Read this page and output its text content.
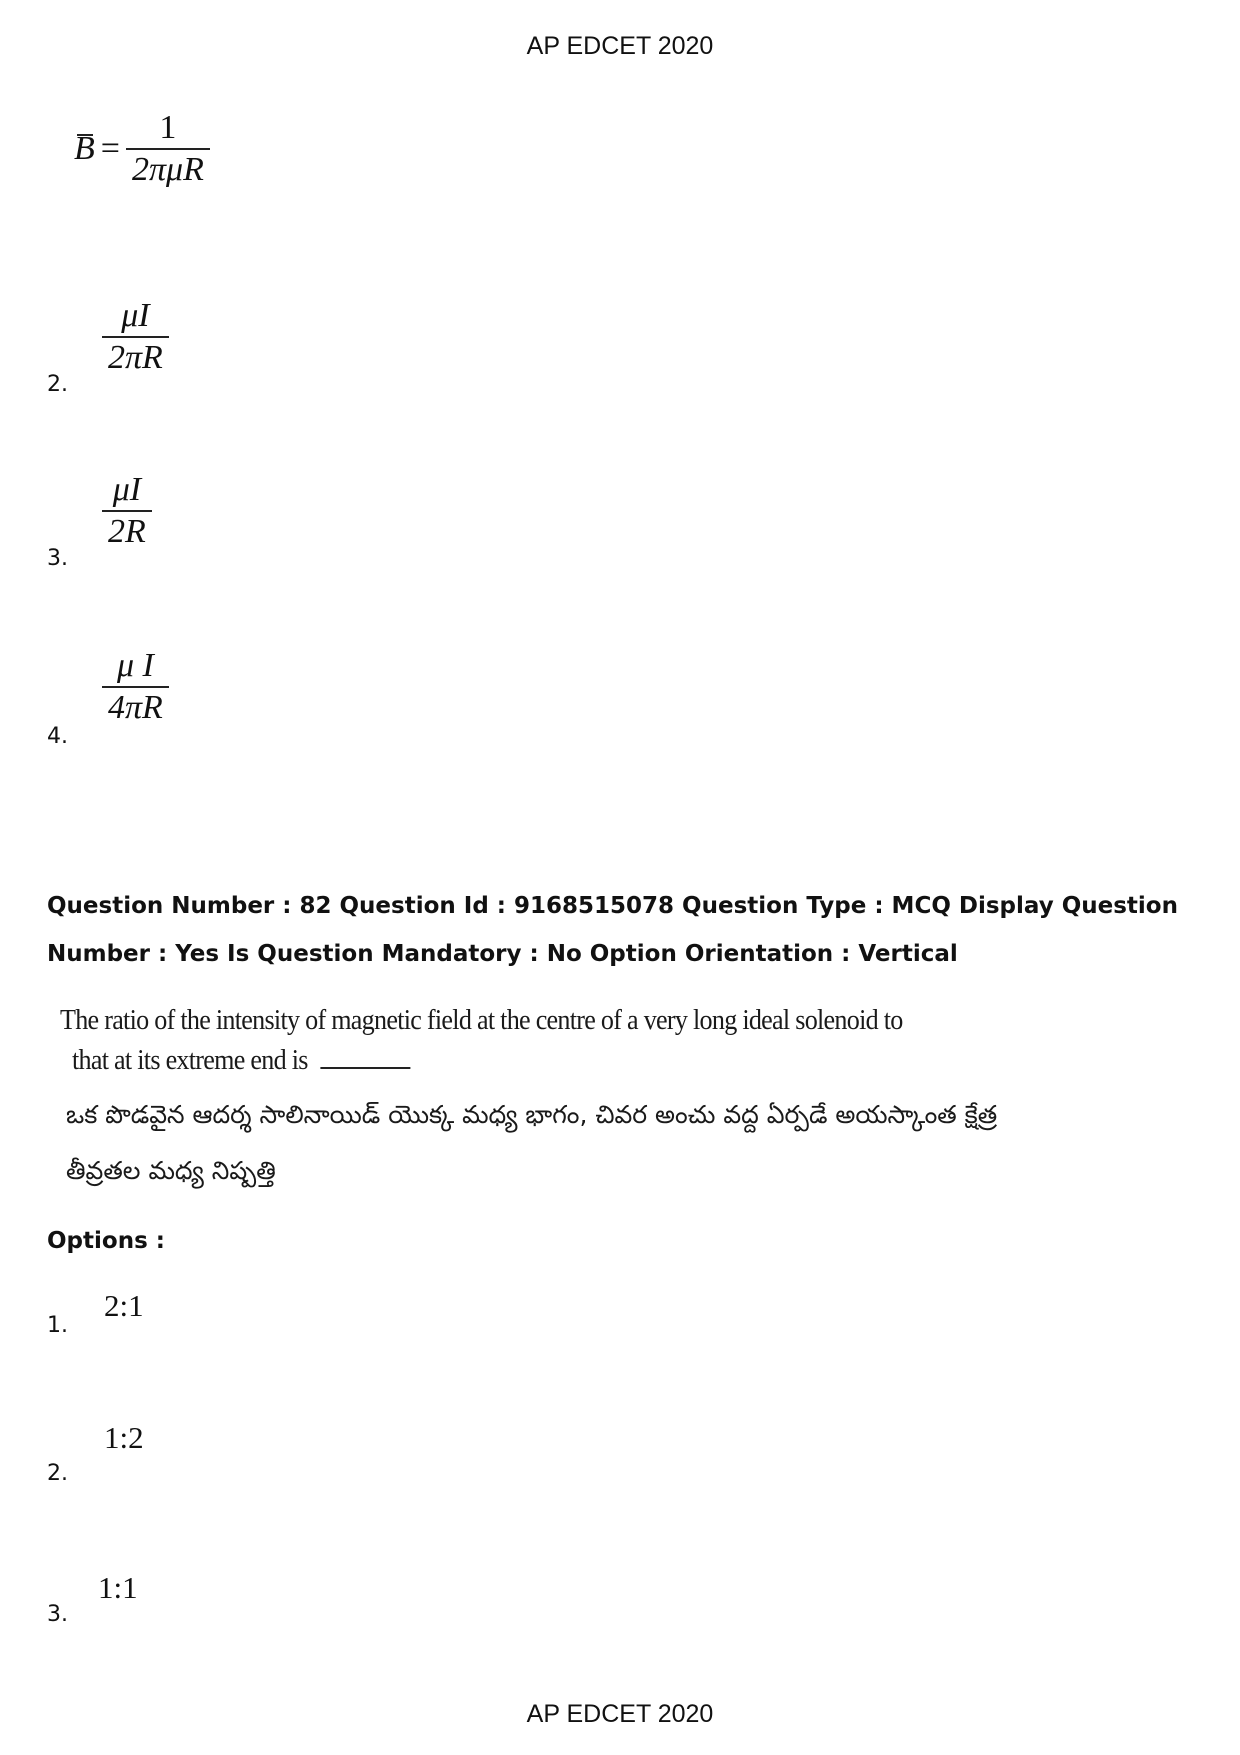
AP EDCET 2020
$B = \frac{1}{\text{2πμR}}$
$\frac{\mu I}{2\pi R}$
2.
$\frac{\mu I}{2R}$
3.
$\frac{\text{μ I}}{4\pi R}$
4.
Question Number : 82 Question Id : 9168515078 Question Type : MCQ Display Question
Number : Yes Is Question Mandatory : No Option Orientation : Vertical
The ratio of the intensity of magnetic field at the centre of a very long ideal solenoid to
that at its extreme end is
ఒక పొడవైన ఆదర్శ సాలినాయిడ్ యొక్క మధ్య భాగం, చివర అంచు వద్ద ఏర్పడే అయస్కాంత క్షేత్ర
తీవ్రతల మధ్య నిష్పత్తి
Options :
2:1
1.
1:2
2.
1:1
3.
AP EDCET 2020
